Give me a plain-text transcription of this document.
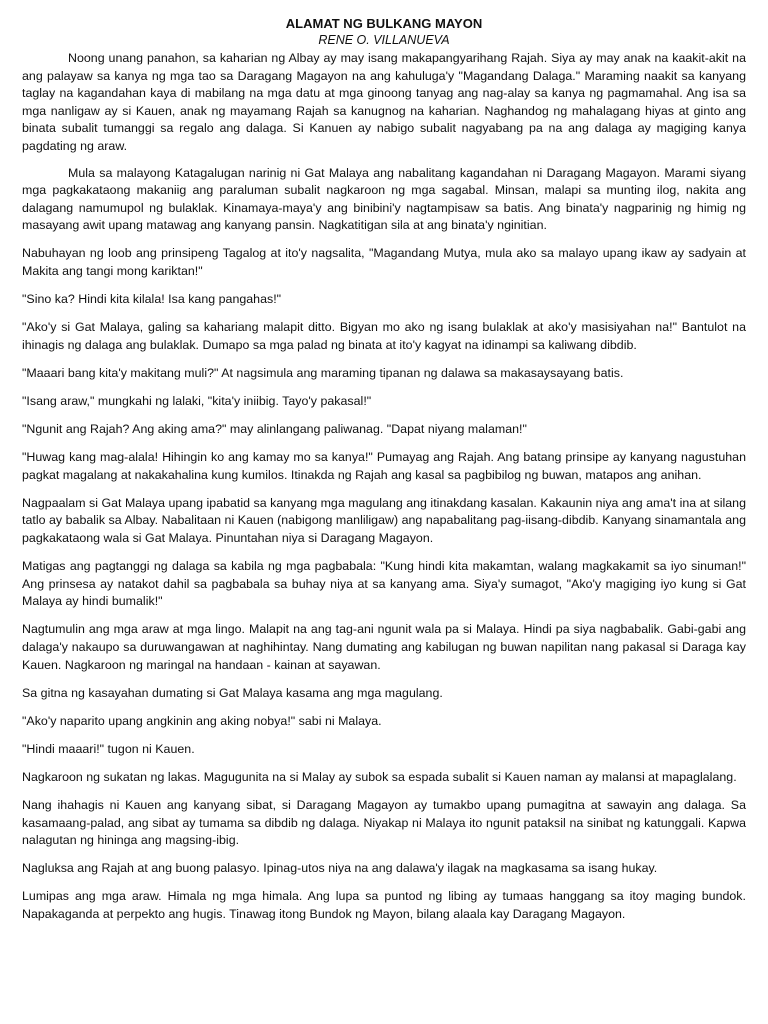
ALAMAT NG BULKANG MAYON
RENE O. VILLANUEVA

Noong unang panahon, sa kaharian ng Albay ay may isang makapangyarihang Rajah. Siya ay may anak na kaakit-akit na ang palayaw sa kanya ng mga tao sa Daragang Magayon na ang kahuluga'y "Magandang Dalaga." Maraming naakit sa kanyang taglay na kagandahan kaya di mabilang na mga datu at mga ginoong tanyag ang nag-alay sa kanya ng pagmamahal. Ang isa sa mga nanligaw ay si Kauen, anak ng mayamang Rajah sa kanugnog na kaharian. Naghandog ng mahalagang hiyas at ginto ang binata subalit tumanggi sa regalo ang dalaga. Si Kanuen ay nabigo subalit nagyabang pa na ang dalaga ay magiging kanya pagdating ng araw.

Mula sa malayong Katagalugan narinig ni Gat Malaya ang nabalitang kagandahan ni Daragang Magayon. Marami siyang mga pagkakataong makaniig ang paraluman subalit nagkaroon ng mga sagabal. Minsan, malapi sa munting ilog, nakita ang dalagang namumupol ng bulaklak. Kinamaya-maya'y ang binibini'y nagtampisaw sa batis. Ang binata'y nagparinig ng himig ng masayang awit upang matawag ang kanyang pansin. Nagkatitigan sila at ang binata'y nginitian.

Nabuhayan ng loob ang prinsipeng Tagalog at ito'y nagsalita, "Magandang Mutya, mula ako sa malayo upang ikaw ay sadyain at Makita ang tangi mong kariktan!"

"Sino ka? Hindi kita kilala! Isa kang pangahas!"

"Ako'y si Gat Malaya, galing sa kahariang malapit ditto. Bigyan mo ako ng isang bulaklak at ako'y masisiyahan na!" Bantulot na ihinagis ng dalaga ang bulaklak. Dumapo sa mga palad ng binata at ito'y kagyat na idinampi sa kaliwang dibdib.

"Maaari bang kita'y makitang muli?" At nagsimula ang maraming tipanan ng dalawa sa makasaysayang batis.

"Isang araw," mungkahi ng lalaki, "kita'y iniibig. Tayo'y pakasal!"

"Ngunit ang Rajah? Ang aking ama?" may alinlangang paliwanag. "Dapat niyang malaman!"

"Huwag kang mag-alala! Hihingin ko ang kamay mo sa kanya!" Pumayag ang Rajah. Ang batang prinsipe ay kanyang nagustuhan pagkat magalang at nakakahalina kung kumilos. Itinakda ng Rajah ang kasal sa pagbibilog ng buwan, matapos ang anihan.

Nagpaalam si Gat Malaya upang ipabatid sa kanyang mga magulang ang itinakdang kasalan. Kakaunin niya ang ama't ina at silang tatlo ay babalik sa Albay. Nabalitaan ni Kauen (nabigong manliligaw) ang napabalitang pag-iisang-dibdib. Kanyang sinamantala ang pagkakataong wala si Gat Malaya. Pinuntahan niya si Daragang Magayon.

Matigas ang pagtanggi ng dalaga sa kabila ng mga pagbabala: "Kung hindi kita makamtan, walang magkakamit sa iyo sinuman!" Ang prinsesa ay natakot dahil sa pagbabala sa buhay niya at sa kanyang ama. Siya'y sumagot, "Ako'y magiging iyo kung si Gat Malaya ay hindi bumalik!"

Nagtumulin ang mga araw at mga lingo. Malapit na ang tag-ani ngunit wala pa si Malaya. Hindi pa siya nagbabalik. Gabi-gabi ang dalaga'y nakaupo sa duruwangawan at naghihintay. Nang dumating ang kabilugan ng buwan napilitan nang pakasal si Daraga kay Kauen. Nagkaroon ng maringal na handaan - kainan at sayawan.

Sa gitna ng kasayahan dumating si Gat Malaya kasama ang mga magulang.

"Ako'y naparito upang angkinin ang aking nobya!" sabi ni Malaya.

"Hindi maaari!" tugon ni Kauen.

Nagkaroon ng sukatan ng lakas. Magugunita na si Malay ay subok sa espada subalit si Kauen naman ay malansi at mapaglalang.

Nang ihahagis ni Kauen ang kanyang sibat, si Daragang Magayon ay tumakbo upang pumagitna at sawayin ang dalaga. Sa kasamaang-palad, ang sibat ay tumama sa dibdib ng dalaga. Niyakap ni Malaya ito ngunit pataksil na sinibat ng katunggali. Kapwa nalagutan ng hininga ang magsing-ibig.

Nagluksa ang Rajah at ang buong palasyo. Ipinag-utos niya na ang dalawa'y ilagak na magkasama sa isang hukay.

Lumipas ang mga araw. Himala ng mga himala. Ang lupa sa puntod ng libing ay tumaas hanggang sa itoy maging bundok. Napakaganda at perpekto ang hugis. Tinawag itong Bundok ng Mayon, bilang alaala kay Daragang Magayon.
